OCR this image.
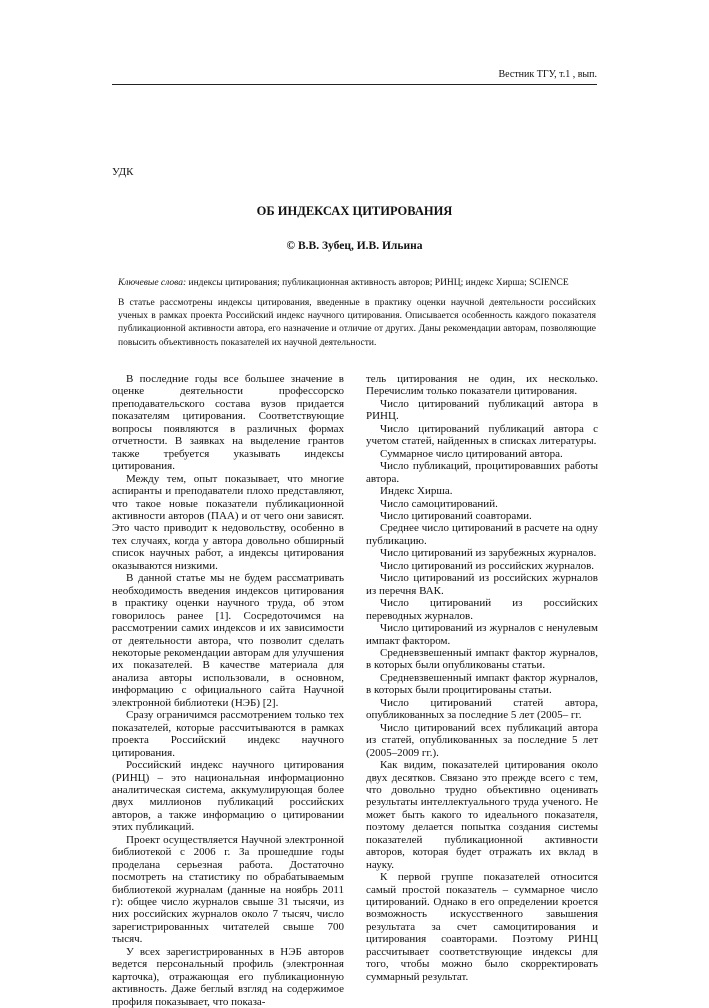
Вестник ТГУ, т.1 , вып.
УДК
ОБ ИНДЕКСАХ ЦИТИРОВАНИЯ
© В.В. Зубец, И.В. Ильина
Ключевые слова: индексы цитирования; публикационная активность авторов; РИНЦ; индекс Хирша; SCIENCE
В статье рассмотрены индексы цитирования, введенные в практику оценки научной деятельности российских ученых в рамках проекта Российский индекс научного цитирования. Описывается особенность каждого показателя публикационной активности автора, его назначение и отличие от других. Даны рекомендации авторам, позволяющие повысить объективность показателей их научной деятельности.

В последние годы все большее значение в оценке деятельности профессорско преподавательского состава вузов придается показателям цитирования. Соответствующие вопросы появляются в различных формах отчетности. В заявках на выделение грантов также требуется указывать индексы цитирования.

Между тем, опыт показывает, что многие аспиранты и преподаватели плохо представляют, что такое новые показатели публикационной активности авторов (ПАА) и от чего они зависят. Это часто приводит к недовольству, особенно в тех случаях, когда у автора довольно обширный список научных работ, а индексы цитирования оказываются низкими.

В данной статье мы не будем рассматривать необходимость введения индексов цитирования в практику оценки научного труда, об этом говорилось ранее [1]. Сосредоточимся на рассмотрении самих индексов и их зависимости от деятельности автора, что позволит сделать некоторые рекомендации авторам для улучшения их показателей. В качестве материала для анализа авторы использовали, в основном, информацию с официального сайта Научной электронной библиотеки (НЭБ) [2].

Сразу ограничимся рассмотрением только тех показателей, которые рассчитываются в рамках проекта Российский индекс научного цитирования.

Российский индекс научного цитирования (РИНЦ) – это национальная информационно аналитическая система, аккумулирующая более двух миллионов публикаций российских авторов, а также информацию о цитировании этих публикаций.

Проект осуществляется Научной электронной библиотекой с 2006 г. За прошедшие годы проделана серьезная работа. Достаточно посмотреть на статистику по обрабатываемым библиотекой журналам (данные на ноябрь 2011 г): общее число журналов свыше 31 тысячи, из них российских журналов около 7 тысяч, число зарегистрированных читателей свыше 700 тысяч.

У всех зарегистрированных в НЭБ авторов ведется персональный профиль (электронная карточка), отражающая его публикационную активность. Даже беглый взгляд на содержимое профиля показывает, что показа-

тель цитирования не один, их несколько. Перечислим только показатели цитирования.

Число цитирований публикаций автора в РИНЦ.

Число цитирований публикаций автора с учетом статей, найденных в списках литературы.

Суммарное число цитирований автора.

Число публикаций, процитировавших работы автора.

Индекс Хирша.

Число самоцитирований.

Число цитирований соавторами.

Среднее число цитирований в расчете на одну публикацию.

Число цитирований из зарубежных журналов.

Число цитирований из российских журналов.

Число цитирований из российских журналов из перечня ВАК.

Число цитирований из российских переводных журналов.

Число цитирований из журналов с ненулевым импакт фактором.

Средневзвешенный импакт фактор журналов, в которых были опубликованы статьи.

Средневзвешенный импакт фактор журналов, в которых были процитированы статьи.

Число цитирований статей автора, опубликованных за последние 5 лет (2005– гг.

Число цитирований всех публикаций автора из статей, опубликованных за последние 5 лет (2005–2009 гг.).

Как видим, показателей цитирования около двух десятков. Связано это прежде всего с тем, что довольно трудно объективно оценивать результаты интеллектуального труда ученого. Не может быть какого то идеального показателя, поэтому делается попытка создания системы показателей публикационной активности авторов, которая будет отражать их вклад в науку.

К первой группе показателей относится самый простой показатель – суммарное число цитирований. Однако в его определении кроется возможность искусственного завышения результата за счет самоцитирования и цитирования соавторами. Поэтому РИНЦ рассчитывает соответствующие индексы для того, чтобы можно было скорректировать суммарный результат.
